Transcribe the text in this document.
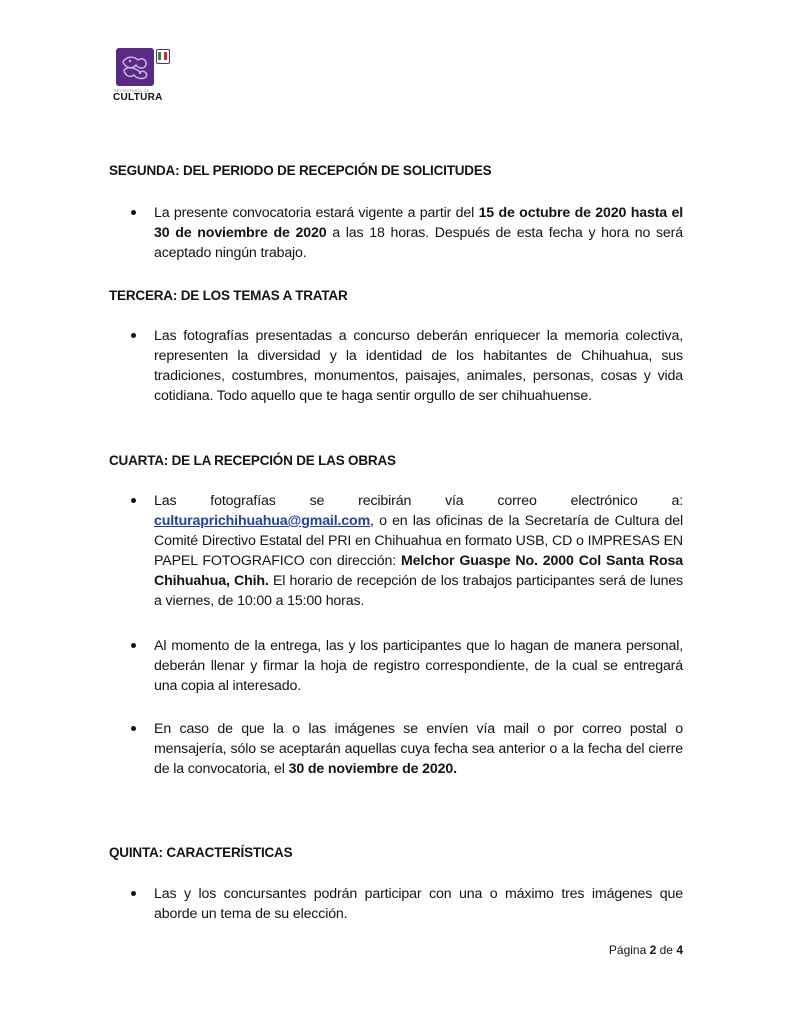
SECRETARÍA DE
CULTURA
SEGUNDA: DEL PERIODO DE RECEPCIÓN DE SOLICITUDES
La presente convocatoria estará vigente a partir del 15 de octubre de 2020 hasta el 30 de noviembre de 2020 a las 18 horas. Después de esta fecha y hora no será aceptado ningún trabajo.
TERCERA: DE LOS TEMAS A TRATAR
Las fotografías presentadas a concurso deberán enriquecer la memoria colectiva, representen la diversidad y la identidad de los habitantes de Chihuahua, sus tradiciones, costumbres, monumentos, paisajes, animales, personas, cosas y vida cotidiana. Todo aquello que te haga sentir orgullo de ser chihuahuense.
CUARTA: DE LA RECEPCIÓN DE LAS OBRAS
Las fotografías se recibirán vía correo electrónico a: culturaprichihuahua@gmail.com, o en las oficinas de la Secretaría de Cultura del Comité Directivo Estatal del PRI en Chihuahua en formato USB, CD o IMPRESAS EN PAPEL FOTOGRAFICO con dirección: Melchor Guaspe No. 2000 Col Santa Rosa Chihuahua, Chih. El horario de recepción de los trabajos participantes será de lunes a viernes, de 10:00 a 15:00 horas.
Al momento de la entrega, las y los participantes que lo hagan de manera personal, deberán llenar y firmar la hoja de registro correspondiente, de la cual se entregará una copia al interesado.
En caso de que la o las imágenes se envíen vía mail o por correo postal o mensajería, sólo se aceptarán aquellas cuya fecha sea anterior o a la fecha del cierre de la convocatoria, el 30 de noviembre de 2020.
QUINTA: CARACTERÍSTICAS
Las y los concursantes podrán participar con una o máximo tres imágenes que aborde un tema de su elección.
Página 2 de 4
